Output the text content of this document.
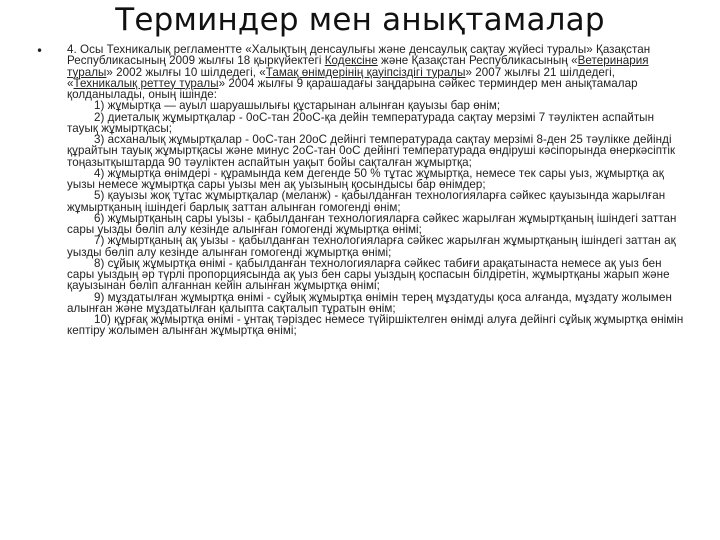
Терминдер мен анықтамалар
• 4. Осы Техникалық регламентте «Халықтың денсаулығы және денсаулық сақтау жүйесі туралы» Қазақстан Республикасының 2009 жылғы 18 қыркүйектегі Кодексіне және Қазақстан Республикасының «Ветеринария туралы» 2002 жылғы 10 шілдедегі, «Тамақ өнімдерінің қауіпсіздігі туралы» 2007 жылғы 21 шілдедегі, «Техникалық реттеу туралы» 2004 жылғы 9 қарашадағы заңдарына сәйкес терминдер мен анықтамалар қолданылады, оның ішінде:

1) жұмыртқа — ауыл шаруашылығы құстарынан алынған қауызы бар өнім;

2) диеталық жұмыртқалар - 0оС-тан 20оС-қа дейін температурада сақтау мерзімі 7 тәуліктен аспайтын тауық жұмыртқасы;

3) асханалық жұмыртқалар - 0оС-тан 20оС дейінгі температурада сақтау мерзімі 8-ден 25 тәулікке дейінді құрайтын тауық жұмыртқасы және минус 2оС-тан 0оС дейінгі температурада өндіруші кәсіпорында өнеркәсіптік тоңазытқыштарда 90 тәуліктен аспайтын уақыт бойы сақталған жұмыртқа;

4) жұмыртқа өнімдері - құрамында кем дегенде 50 % тұтас жұмыртқа, немесе тек сары уыз, жұмыртқа ақ уызы немесе жұмыртқа сары уызы мен ақ уызының қосындысы бар өнімдер;

5) қауызы жоқ тұтас жұмыртқалар (меланж) - қабылданған технологияларға сәйкес қауызында жарылған жұмыртқаның ішіндегі барлық заттан алынған гомогенді өнім;

6) жұмыртқаның сары уызы - қабылданған технологияларға сәйкес жарылған жұмыртқаның ішіндегі заттан сары уызды бөліп алу кезінде алынған гомогенді жұмыртқа өнімі;

7) жұмыртқаның ақ уызы - қабылданған технологияларға сәйкес жарылған жұмыртқаның ішіндегі заттан ақ уызды бөліп алу кезінде алынған гомогенді жұмыртқа өнімі;

8) сұйық жұмыртқа өнімі - қабылданған технологияларға сәйкес табиғи арақатынаста немесе ақ уыз бен сары уыздың әр түрлі пропорциясында ақ уыз бен сары уыздың қоспасын білдіретін, жұмыртқаны жарып және қауызынан бөліп алғаннан кейін алынған жұмыртқа өнімі;

9) мұздатылған жұмыртқа өнімі - сұйық жұмыртқа өнімін терең мұздатуды қоса алғанда, мұздату жолымен алынған және мұздатылған қалыпта сақталып тұратын өнім;

10) құрғақ жұмыртқа өнімі - ұнтақ тәріздес немесе түйіршіктелген өнімді алуға дейінгі сұйық жұмыртқа өнімін кептіру жолымен алынған жұмыртқа өнімі;
